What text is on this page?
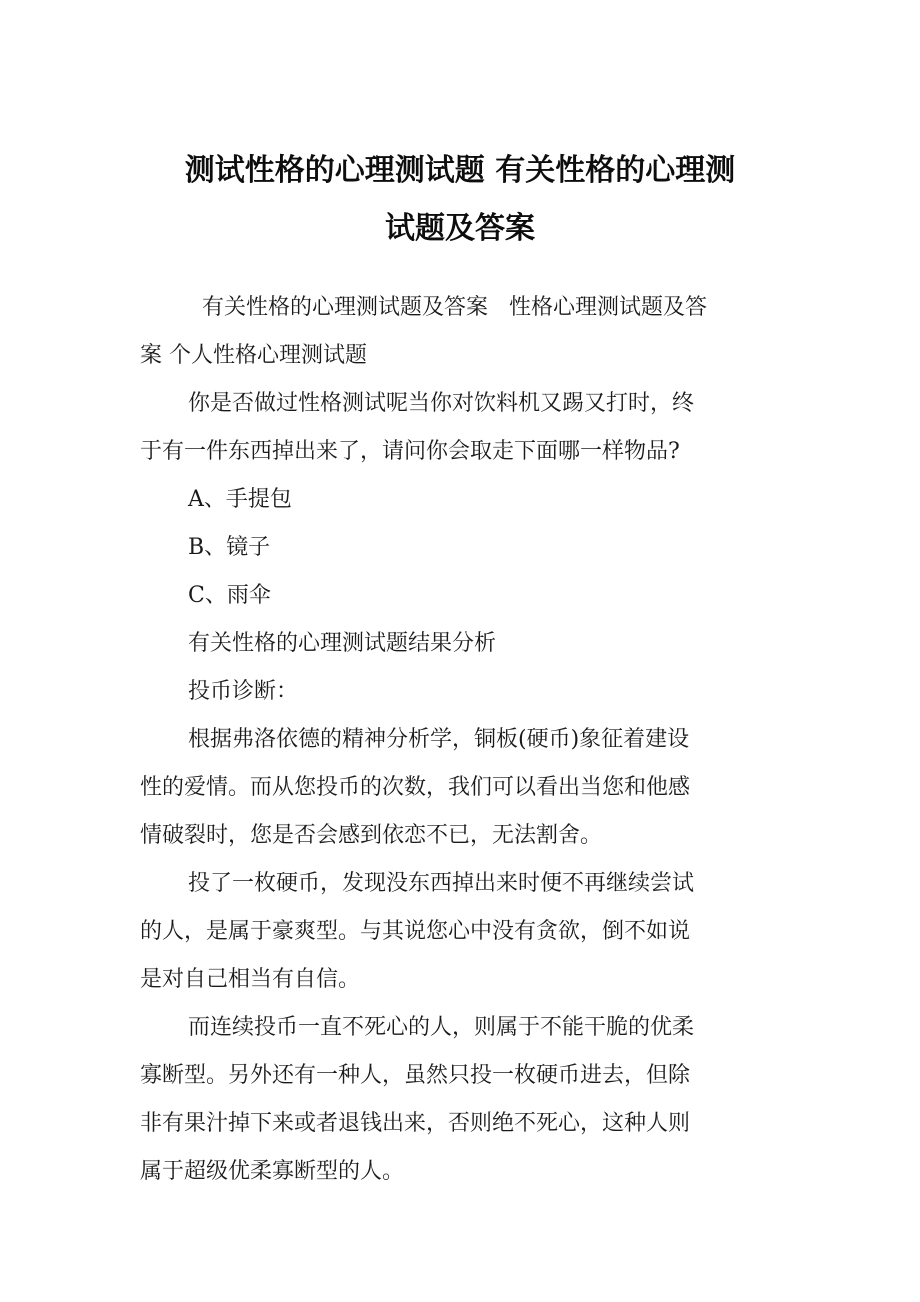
测试性格的心理测试题 有关性格的心理测
试题及答案
有关性格的心理测试题及答案   性格心理测试题及答
案 个人性格心理测试题
你是否做过性格测试呢当你对饮料机又踢又打时，终
于有一件东西掉出来了，请问你会取走下面哪一样物品?
A、手提包
B、镜子
C、雨伞
有关性格的心理测试题结果分析
投币诊断：
根据弗洛依德的精神分析学，铜板(硬币)象征着建设
性的爱情。而从您投币的次数，我们可以看出当您和他感
情破裂时，您是否会感到依恋不已，无法割舍。
投了一枚硬币，发现没东西掉出来时便不再继续尝试
的人，是属于豪爽型。与其说您心中没有贪欲，倒不如说
是对自己相当有自信。
而连续投币一直不死心的人，则属于不能干脆的优柔
寡断型。另外还有一种人，虽然只投一枚硬币进去，但除
非有果汁掉下来或者退钱出来，否则绝不死心，这种人则
属于超级优柔寡断型的人。
